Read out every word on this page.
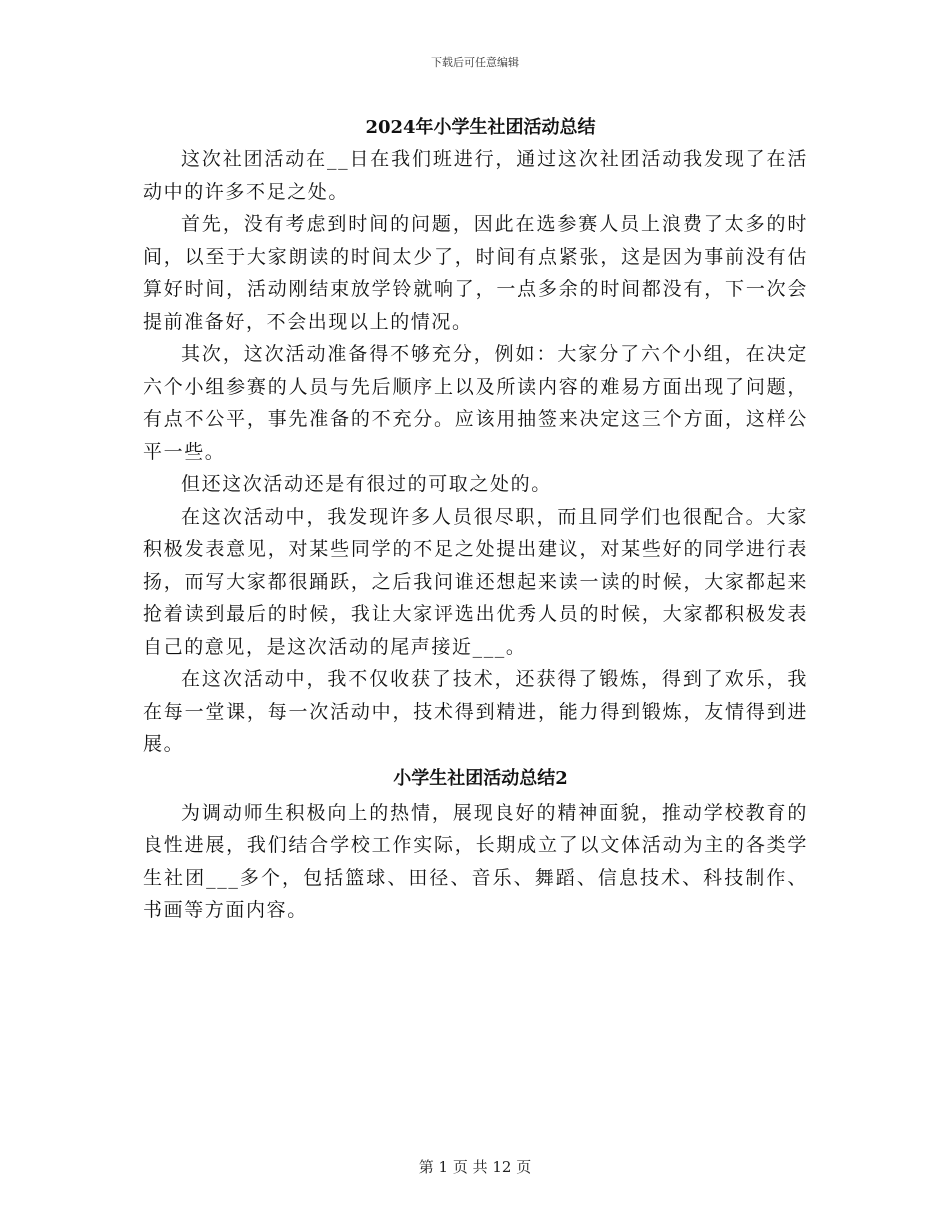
下载后可任意编辑
2024年小学生社团活动总结

这次社团活动在__日在我们班进行，通过这次社团活动我发现了在活动中的许多不足之处。

首先，没有考虑到时间的问题，因此在选参赛人员上浪费了太多的时间，以至于大家朗读的时间太少了，时间有点紧张，这是因为事前没有估算好时间，活动刚结束放学铃就响了，一点多余的时间都没有，下一次会提前准备好，不会出现以上的情况。

其次，这次活动准备得不够充分，例如：大家分了六个小组，在决定六个小组参赛的人员与先后顺序上以及所读内容的难易方面出现了问题，有点不公平，事先准备的不充分。应该用抽签来决定这三个方面，这样公平一些。

但还这次活动还是有很过的可取之处的。

在这次活动中，我发现许多人员很尽职，而且同学们也很配合。大家积极发表意见，对某些同学的不足之处提出建议，对某些好的同学进行表扬，而写大家都很踊跃，之后我问谁还想起来读一读的时候，大家都起来抢着读到最后的时候，我让大家评选出优秀人员的时候，大家都积极发表自己的意见，是这次活动的尾声接近___。

在这次活动中，我不仅收获了技术，还获得了锻炼，得到了欢乐，我在每一堂课，每一次活动中，技术得到精进，能力得到锻炼，友情得到进展。

小学生社团活动总结2

为调动师生积极向上的热情，展现良好的精神面貌，推动学校教育的良性进展，我们结合学校工作实际，长期成立了以文体活动为主的各类学生社团___多个，包括篮球、田径、音乐、舞蹈、信息技术、科技制作、书画等方面内容。

第 1 页 共 12 页
